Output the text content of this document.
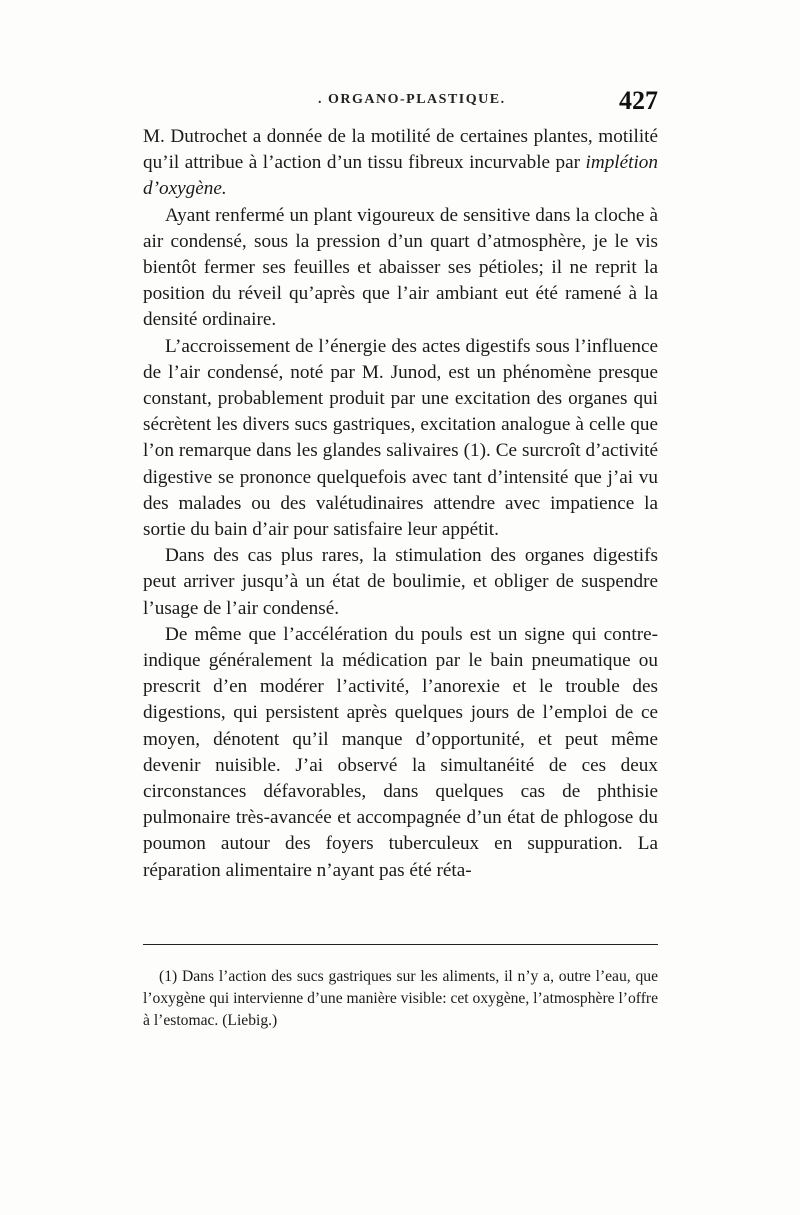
. ORGANO-PLASTIQUE.	427

M. Dutrochet a donnée de la motilité de certaines plantes, motilité qu’il attribue à l’action d’un tissu fibreux incurvable par implétion d’oxygène.

Ayant renfermé un plant vigoureux de sensitive dans la cloche à air condensé, sous la pression d’un quart d’atmosphère, je le vis bientôt fermer ses feuilles et abaisser ses pétioles; il ne reprit la position du réveil qu’après que l’air ambiant eut été ramené à la densité ordinaire.

L’accroissement de l’énergie des actes digestifs sous l’influence de l’air condensé, noté par M. Junod, est un phénomène presque constant, probablement produit par une excitation des organes qui sécrètent les divers sucs gastriques, excitation analogue à celle que l’on remarque dans les glandes salivaires (1). Ce surcroît d’activité digestive se prononce quelquefois avec tant d’intensité que j’ai vu des malades ou des valétudinaires attendre avec impatience la sortie du bain d’air pour satisfaire leur appétit.

Dans des cas plus rares, la stimulation des organes digestifs peut arriver jusqu’à un état de boulimie, et obliger de suspendre l’usage de l’air condensé.

De même que l’accélération du pouls est un signe qui contre-indique généralement la médication par le bain pneumatique ou prescrit d’en modérer l’activité, l’anorexie et le trouble des digestions, qui persistent après quelques jours de l’emploi de ce moyen, dénotent qu’il manque d’opportunité, et peut même devenir nuisible. J’ai observé la simultanéité de ces deux circonstances défavorables, dans quelques cas de phthisie pulmonaire très-avancée et accompagnée d’un état de phlogose du poumon autour des foyers tuberculeux en suppuration. La réparation alimentaire n’ayant pas été réta-

(1) Dans l’action des sucs gastriques sur les aliments, il n’y a, outre l’eau, que l’oxygène qui intervienne d’une manière visible: cet oxygène, l’atmosphère l’offre à l’estomac. (Liebig.)
